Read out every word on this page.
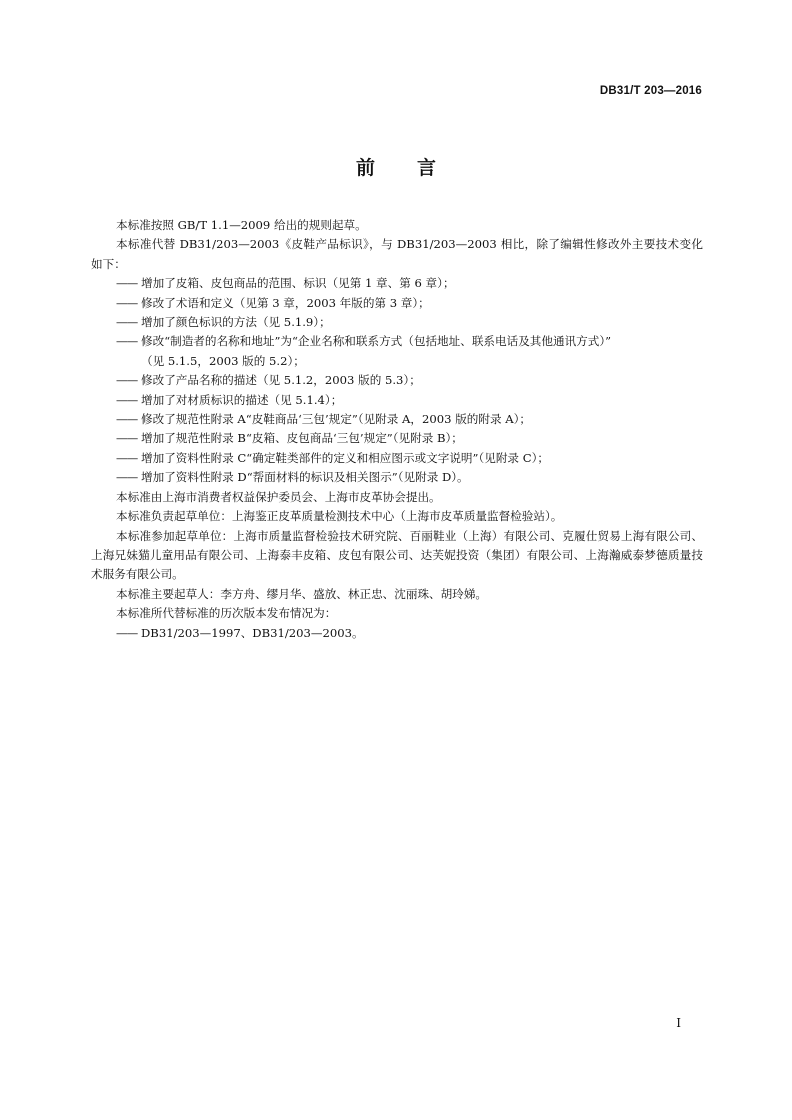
DB31/T 203—2016
前言

本标准按照 GB/T 1.1—2009 给出的规则起草。

本标准代替 DB31/203—2003《皮鞋产品标识》，与 DB31/203—2003 相比，除了编辑性修改外主要技术变化如下：

—— 增加了皮箱、皮包商品的范围、标识（见第 1 章、第 6 章）；
—— 修改了术语和定义（见第 3 章，2003 年版的第 3 章）；
—— 增加了颜色标识的方法（见 5.1.9）；
—— 修改“制造者的名称和地址”为“企业名称和联系方式（包括地址、联系电话及其他通讯方式）”
（见 5.1.5，2003 版的 5.2）；
—— 修改了产品名称的描述（见 5.1.2，2003 版的 5.3）；
—— 增加了对材质标识的描述（见 5.1.4）；
—— 修改了规范性附录 A“皮鞋商品‘三包’规定”（见附录 A，2003 版的附录 A）；
—— 增加了规范性附录 B“皮箱、皮包商品‘三包’规定”（见附录 B）；
—— 增加了资料性附录 C“确定鞋类部件的定义和相应图示或文字说明”（见附录 C）；
—— 增加了资料性附录 D“帮面材料的标识及相关图示”（见附录 D）。

本标准由上海市消费者权益保护委员会、上海市皮革协会提出。

本标准负责起草单位：上海鉴正皮革质量检测技术中心（上海市皮革质量监督检验站）。

本标准参加起草单位：上海市质量监督检验技术研究院、百丽鞋业（上海）有限公司、克履仕贸易上海有限公司、上海兄妹猫儿童用品有限公司、上海泰丰皮箱、皮包有限公司、达芙妮投资（集团）有限公司、上海瀚威泰梦德质量技术服务有限公司。

本标准主要起草人：李方舟、缪月华、盛放、林正忠、沈丽珠、胡玲娣。

本标准所代替标准的历次版本发布情况为：

—— DB31/203—1997、DB31/203—2003。
I
